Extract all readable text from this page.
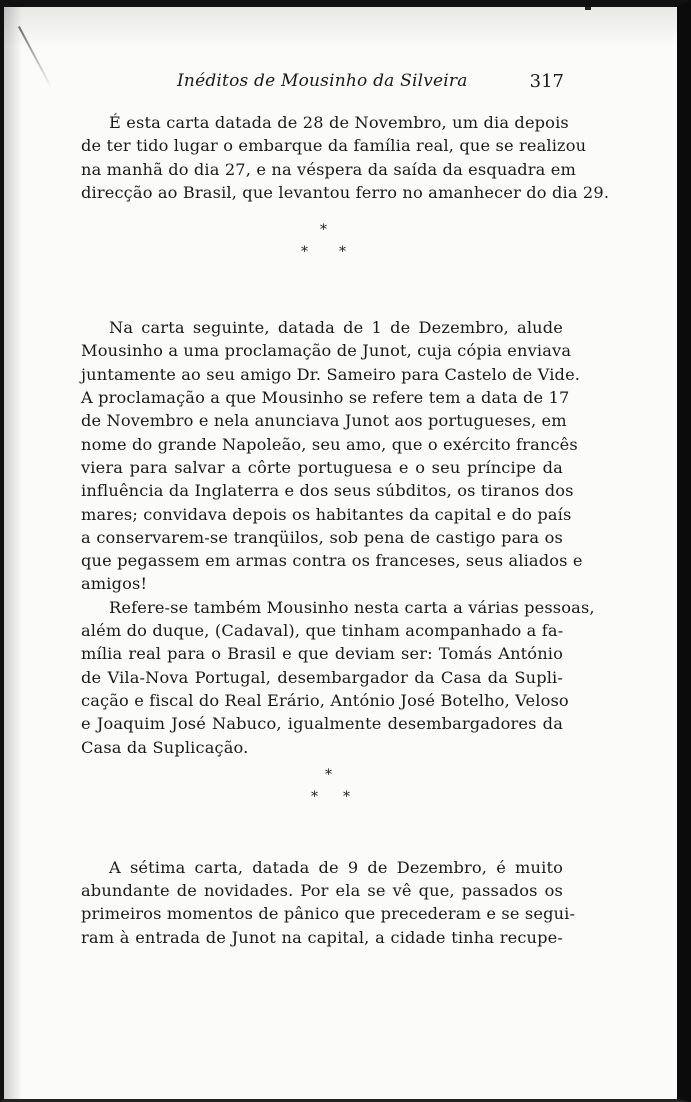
Inéditos de Mousinho da Silveira	317

É esta carta datada de 28 de Novembro, um dia depois
de ter tido lugar o embarque da família real, que se realizou
na manhã do dia 27, e na véspera da saída da esquadra em
direcção ao Brasil, que levantou ferro no amanhecer do dia 29.

*
* *

Na carta seguinte, datada de 1 de Dezembro, alude
Mousinho a uma proclamação de Junot, cuja cópia enviava
juntamente ao seu amigo Dr. Sameiro para Castelo de Vide.
A proclamação a que Mousinho se refere tem a data de 17
de Novembro e nela anunciava Junot aos portugueses, em
nome do grande Napoleão, seu amo, que o exército francês
viera para salvar a côrte portuguesa e o seu príncipe da
influência da Inglaterra e dos seus súbditos, os tiranos dos
mares; convidava depois os habitantes da capital e do país
a conservarem-se tranqüilos, sob pena de castigo para os
que pegassem em armas contra os franceses, seus aliados e
amigos!

Refere-se também Mousinho nesta carta a várias pessoas,
além do duque, (Cadaval), que tinham acompanhado a fa-
mília real para o Brasil e que deviam ser: Tomás António
de Vila-Nova Portugal, desembargador da Casa da Supli-
cação e fiscal do Real Erário, António José Botelho, Veloso
e Joaquim José Nabuco, igualmente desembargadores da
Casa da Suplicação.

*
* *

A sétima carta, datada de 9 de Dezembro, é muito
abundante de novidades. Por ela se vê que, passados os
primeiros momentos de pânico que precederam e se segui-
ram à entrada de Junot na capital, a cidade tinha recupe-
